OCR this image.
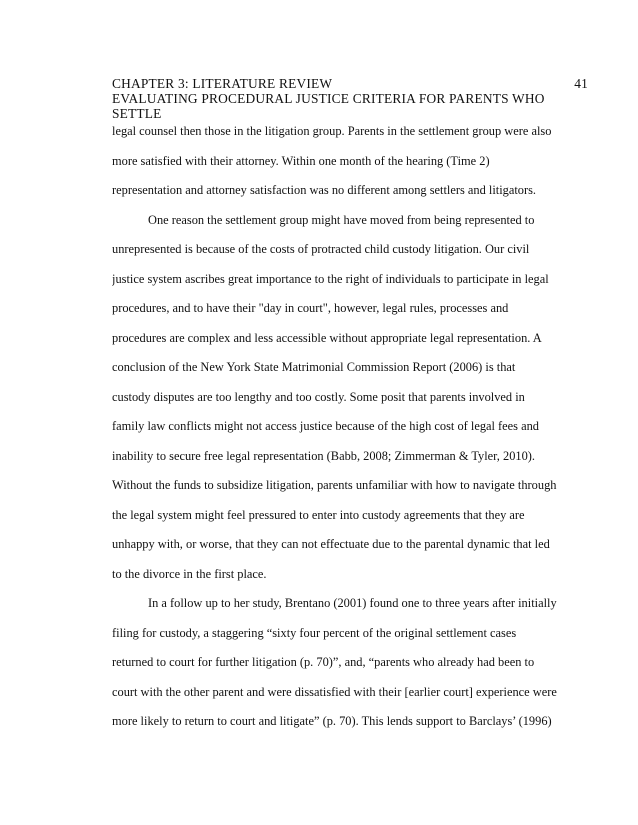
CHAPTER 3: LITERATURE REVIEW	41
EVALUATING PROCEDURAL JUSTICE CRITERIA FOR PARENTS WHO SETTLE
legal counsel then those in the litigation group. Parents in the settlement group were also
more satisfied with their attorney. Within one month of the hearing (Time 2)
representation and attorney satisfaction was no different among settlers and litigators.
One reason the settlement group might have moved from being represented to
unrepresented is because of the costs of protracted child custody litigation. Our civil
justice system ascribes great importance to the right of individuals to participate in legal
procedures, and to have their "day in court", however, legal rules, processes and
procedures are complex and less accessible without appropriate legal representation. A
conclusion of the New York State Matrimonial Commission Report (2006) is that
custody disputes are too lengthy and too costly. Some posit that parents involved in
family law conflicts might not access justice because of the high cost of legal fees and
inability to secure free legal representation (Babb, 2008; Zimmerman & Tyler, 2010).
Without the funds to subsidize litigation, parents unfamiliar with how to navigate through
the legal system might feel pressured to enter into custody agreements that they are
unhappy with, or worse, that they can not effectuate due to the parental dynamic that led
to the divorce in the first place.
In a follow up to her study, Brentano (2001) found one to three years after initially
filing for custody, a staggering “sixty four percent of the original settlement cases
returned to court for further litigation (p. 70)”, and, “parents who already had been to
court with the other parent and were dissatisfied with their [earlier court] experience were
more likely to return to court and litigate” (p. 70). This lends support to Barclays’ (1996)
